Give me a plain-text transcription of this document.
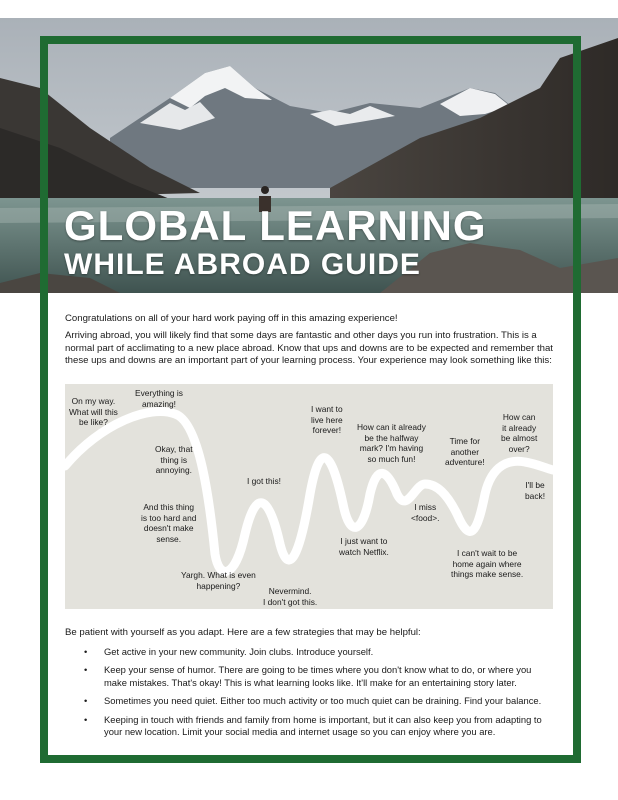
GLOBAL LEARNING
WHILE ABROAD GUIDE
Congratulations on all of your hard work paying off in this amazing experience!
Arriving abroad, you will likely find that some days are fantastic and other days you run into frustration. This is a normal part of acclimating to a new place abroad. Know that ups and downs are to be expected and remember that these ups and downs are an important part of your learning process. Your experience may look something like this:
On my way.
What will this
be like?
Everything is
amazing!
Okay, that
thing is
annoying.
And this thing
is too hard and
doesn't make
sense.
Yargh. What is even
happening?
I got this!
Nevermind.
I don't got this.
I want to
live here
forever!
I just want to
watch Netflix.
How can it already
be the halfway
mark? I'm having
so much fun!
I miss
<food>.
Time for
another
adventure!
I can't wait to be
home again where
things make sense.
How can
it already
be almost
over?
I'll be
back!
Be patient with yourself as you adapt. Here are a few strategies that may be helpful:
• Get active in your new community. Join clubs. Introduce yourself.
• Keep your sense of humor. There are going to be times where you don't know what to do, or where you make mistakes. That's okay! This is what learning looks like. It'll make for an entertaining story later.
• Sometimes you need quiet. Either too much activity or too much quiet can be draining. Find your balance.
• Keeping in touch with friends and family from home is important, but it can also keep you from adapting to your new location. Limit your social media and internet usage so you can enjoy where you are.
